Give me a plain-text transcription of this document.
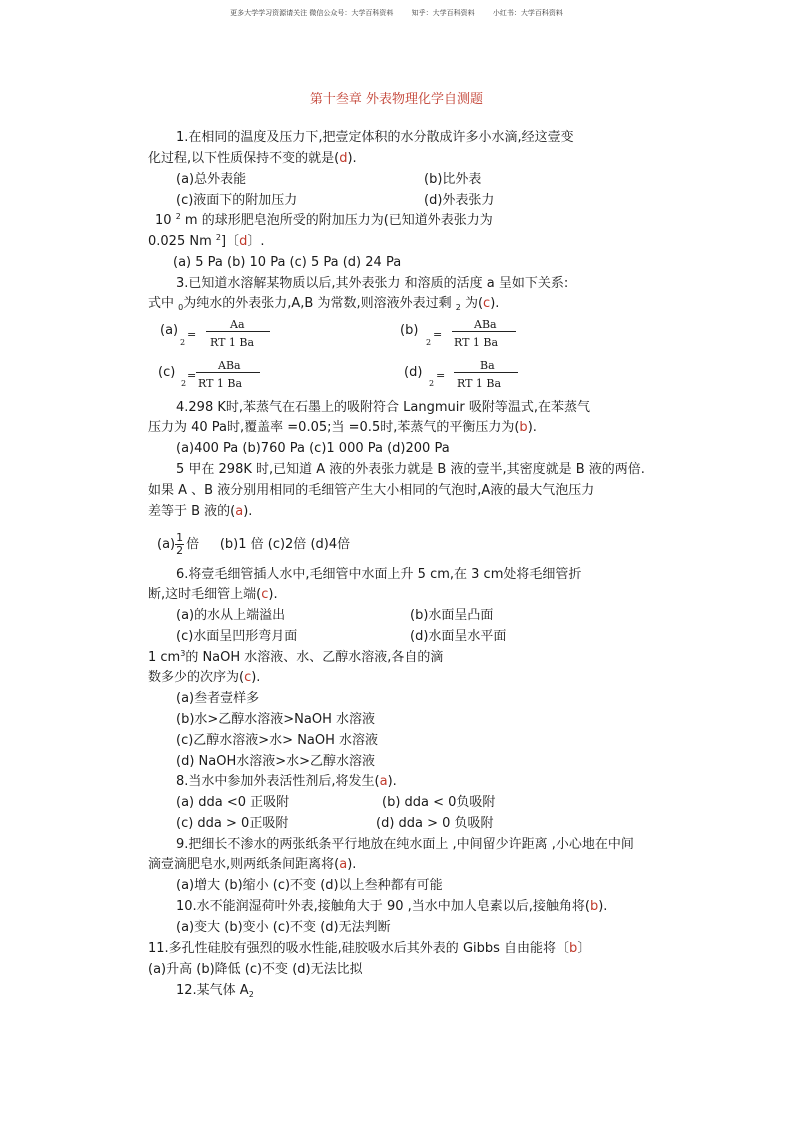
更多大学学习资源请关注 微信公众号：大学百科资料	知乎：大学百科资料	小红书：大学百科资料
第十叁章 外表物理化学自测题
1.在相同的温度及压力下,把壹定体积的水分散成许多小水滴,经这壹变
化过程,以下性质保持不变的就是(d).
(a)总外表能	(b)比外表
(c)液面下的附加压力	(d)外表张力
10 $^2$ m 的球形肥皂泡所受的附加压力为(已知道外表张力为
0.025 Nm $^2$]〔d〕.
(a) 5 Pa (b) 10 Pa (c) 5 Pa (d) 24 Pa
3.已知道水溶解某物质以后,其外表张力 和溶质的活度 a 呈如下关系:
式中 $_0$为纯水的外表张力,A,B 为常数,则溶液外表过剩 $_2$ 为(c).
(a) =
2
Aa
RT 1 Ba
(b) =
2
ABa
RT 1 Ba
(c) =
2
ABa
RT 1 Ba
(d) =
2
Ba
RT 1 Ba
4.298 K时,苯蒸气在石墨上的吸附符合 Langmuir 吸附等温式,在苯蒸气
压力为 40 Pa时,覆盖率 =0.05;当 =0.5时,苯蒸气的平衡压力为(b).
(a)400 Pa (b)760 Pa (c)1 000 Pa (d)200 Pa
5 甲在 298K 时,已知道 A 液的外表张力就是 B 液的壹半,其密度就是 B 液的两倍.
如果 A 、B 液分别用相同的毛细管产生大小相同的气泡时,A液的最大气泡压力
差等于 B 液的(a).
$(a) \frac{1}{2}$ 倍 (b)1 倍 (c)2倍 (d)4倍
6.将壹毛细管插人水中,毛细管中水面上升 5 cm,在 3 cm处将毛细管折
断,这时毛细管上端(c).
(a)的水从上端溢出	(b)水面呈凸面
(c)水面呈凹形弯月面	(d)水面呈水平面
1 $cm^3$的 NaOH 水溶液、水、乙醇水溶液,各自的滴
数多少的次序为(c).
(a)叁者壹样多
(b)水>乙醇水溶液>NaOH 水溶液
(c)乙醇水溶液>水> NaOH 水溶液
(d) NaOH水溶液>水>乙醇水溶液
8.当水中参加外表活性剂后,将发生(a).
(a) dda <0 正吸附	(b) dda < 0负吸附
(c) dda > 0正吸附	(d) dda > 0 负吸附
9.把细长不渗水的两张纸条平行地放在纯水面上 ,中间留少许距离 ,小心地在中间
滴壹滴肥皂水,则两纸条间距离将(a).
(a)增大 (b)缩小 (c)不变 (d)以上叁种都有可能
10.水不能润湿荷叶外表,接触角大于 90 ,当水中加人皂素以后,接触角将(b).
(a)变大 (b)变小 (c)不变 (d)无法判断
11.多孔性硅胶有强烈的吸水性能,硅胶吸水后其外表的 Gibbs 自由能将〔b〕
(a)升高 (b)降低 (c)不变 (d)无法比拟
12.某气体 $A_2$
